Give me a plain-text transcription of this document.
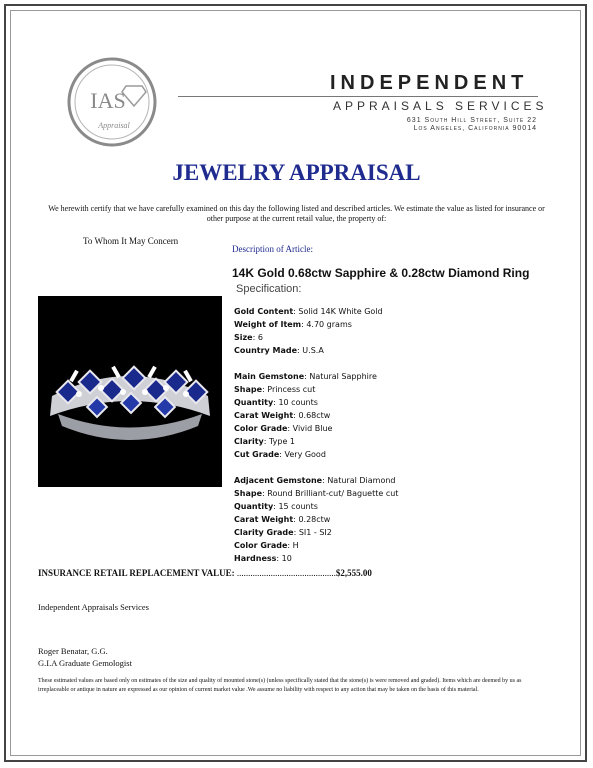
IAS
Appraisal
INDEPENDENT
APPRAISALS SERVICES
631 South Hill Street, Suite 22
Los Angeles, California 90014
JEWELRY APPRAISAL
We herewith certify that we have carefully examined on this day the following listed and described articles. We estimate the value as listed for insurance or other purpose at the current retail value, the property of:
To Whom It May Concern
Description of Article:
14K Gold 0.68ctw Sapphire & 0.28ctw Diamond Ring
Specification:
Gold Content: Solid 14K White Gold
Weight of Item: 4.70 grams
Size: 6
Country Made: U.S.A
Main Gemstone: Natural Sapphire
Shape: Princess cut
Quantity: 10 counts
Carat Weight: 0.68ctw
Color Grade: Vivid Blue
Clarity: Type 1
Cut Grade: Very Good
Adjacent Gemstone: Natural Diamond
Shape: Round Brilliant-cut/ Baguette cut
Quantity: 15 counts
Carat Weight: 0.28ctw
Clarity Grade: SI1 - SI2
Color Grade: H
Hardness: 10
INSURANCE RETAIL REPLACEMENT VALUE: ............................................$2,555.00
Independent Appraisals Services
Roger Benatar, G.G.
G.I.A Graduate Gemologist
These estimated values are based only on estimates of the size and quality of mounted stone(s) (unless specifically stated that the stone(s) is were removed and graded). Items which are deemed by us as irreplaceable or antique in nature are expressed as our opinion of current market value .We assume no liability with respect to any action that may be taken on the basis of this material.
